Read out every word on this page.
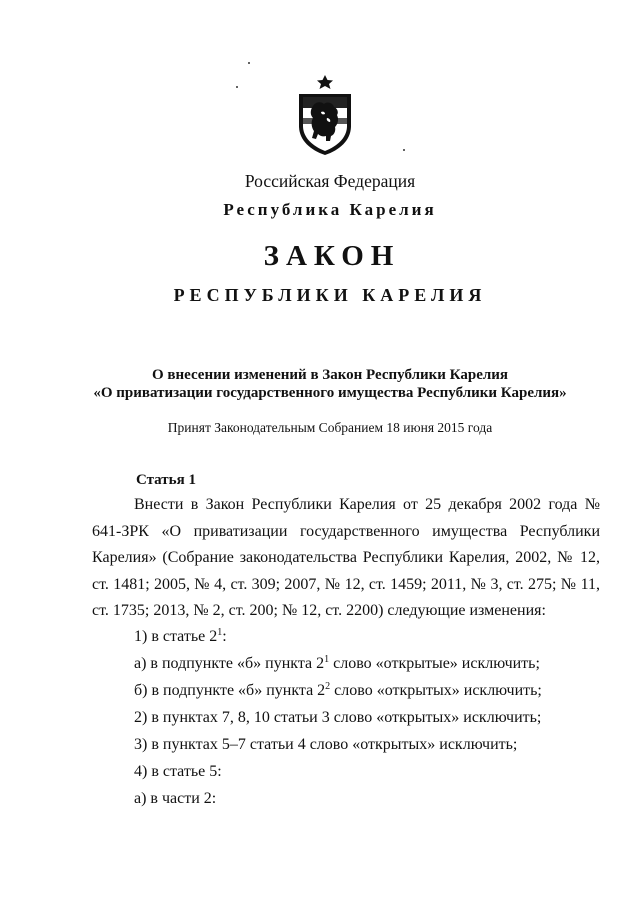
Российская Федерация
Республика Карелия
ЗАКОН
РЕСПУБЛИКИ КАРЕЛИЯ
О внесении изменений в Закон Республики Карелия
«О приватизации государственного имущества Республики Карелия»
Принят Законодательным Собранием 18 июня 2015 года
Статья 1

Внести в Закон Республики Карелия от 25 декабря 2002 года № 641-ЗРК «О приватизации государственного имущества Республики Карелия» (Собрание законодательства Республики Карелия, 2002, № 12, ст. 1481; 2005, № 4, ст. 309; 2007, № 12, ст. 1459; 2011, № 3, ст. 275; № 11, ст. 1735; 2013, № 2, ст. 200; № 12, ст. 2200) следующие изменения:

1) в статье $2^1$:
а) в подпункте «б» пункта $2^1$ слово «открытые» исключить;
б) в подпункте «б» пункта $2^2$ слово «открытых» исключить;
2) в пунктах 7, 8, 10 статьи 3 слово «открытых» исключить;
3) в пунктах 5–7 статьи 4 слово «открытых» исключить;
4) в статье 5:
а) в части 2:
